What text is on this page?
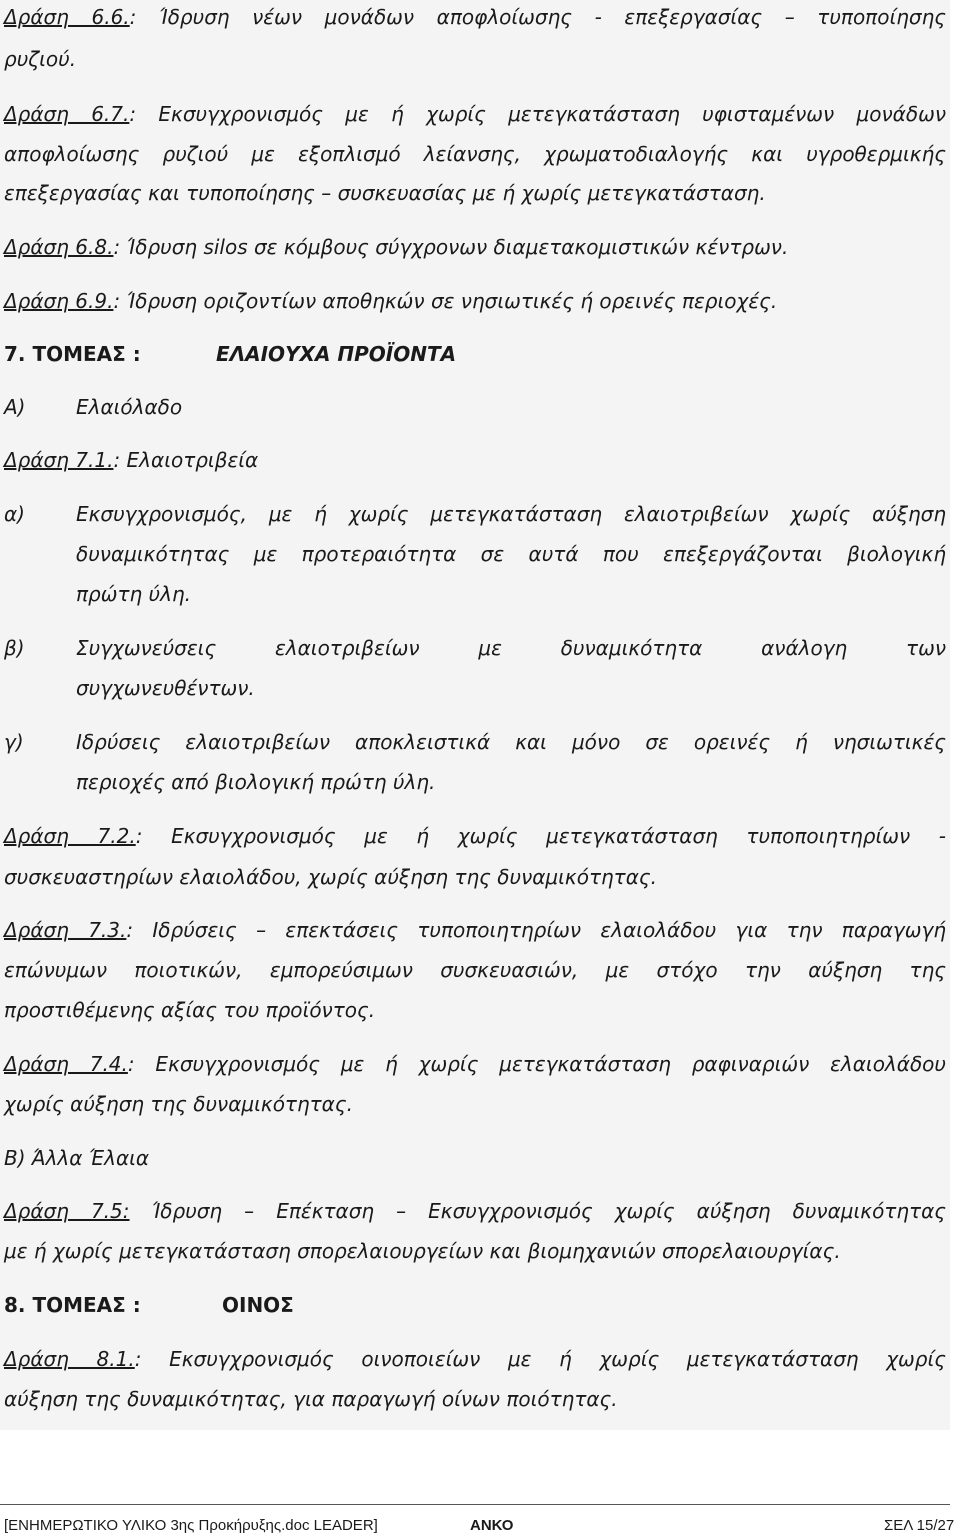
Δράση 6.6.: Ίδρυση νέων μονάδων αποφλοίωσης - επεξεργασίας – τυποποίησης
ρυζιού.
Δράση 6.7.: Εκσυγχρονισμός με ή χωρίς μετεγκατάσταση υφισταμένων μονάδων
αποφλοίωσης ρυζιού με εξοπλισμό λείανσης, χρωματοδιαλογής και υγροθερμικής
επεξεργασίας και τυποποίησης – συσκευασίας με ή χωρίς μετεγκατάσταση.
Δράση 6.8.: Ίδρυση silos σε κόμβους σύγχρονων διαμετακομιστικών κέντρων.
Δράση 6.9.: Ίδρυση οριζοντίων αποθηκών σε νησιωτικές ή ορεινές περιοχές.
7. ΤΟΜΕΑΣ :	ΕΛΑΙΟΥΧΑ ΠΡΟΪΟΝΤΑ
Α)	Ελαιόλαδο
Δράση 7.1.: Ελαιοτριβεία
α)	Εκσυγχρονισμός, με ή χωρίς μετεγκατάσταση ελαιοτριβείων χωρίς αύξηση
δυναμικότητας με προτεραιότητα σε αυτά που επεξεργάζονται βιολογική
πρώτη ύλη.
β)	Συγχωνεύσεις ελαιοτριβείων με δυναμικότητα ανάλογη των
συγχωνευθέντων.
γ)	Ιδρύσεις ελαιοτριβείων αποκλειστικά και μόνο σε ορεινές ή νησιωτικές
περιοχές από βιολογική πρώτη ύλη.
Δράση 7.2.: Εκσυγχρονισμός με ή χωρίς μετεγκατάσταση τυποποιητηρίων -
συσκευαστηρίων ελαιολάδου, χωρίς αύξηση της δυναμικότητας.
Δράση 7.3.: Ιδρύσεις – επεκτάσεις τυποποιητηρίων ελαιολάδου για την παραγωγή
επώνυμων ποιοτικών, εμπορεύσιμων συσκευασιών, με στόχο την αύξηση της
προστιθέμενης αξίας του προϊόντος.
Δράση 7.4.: Εκσυγχρονισμός με ή χωρίς μετεγκατάσταση ραφιναριών ελαιολάδου
χωρίς αύξηση της δυναμικότητας.
Β) Άλλα Έλαια
Δράση 7.5: Ίδρυση – Επέκταση – Εκσυγχρονισμός χωρίς αύξηση δυναμικότητας
με ή χωρίς μετεγκατάσταση σπορελαιουργείων και βιομηχανιών σπορελαιουργίας.
8. ΤΟΜΕΑΣ :	ΟΙΝΟΣ
Δράση 8.1.: Εκσυγχρονισμός οινοποιείων με ή χωρίς μετεγκατάσταση χωρίς
αύξηση της δυναμικότητας, για παραγωγή οίνων ποιότητας.
[ΕΝΗΜΕΡΩΤΙΚΟ ΥΛΙΚΟ 3ης Προκήρυξης.doc LEADER]	ΑΝΚΟ	ΣΕΛ 15/27
